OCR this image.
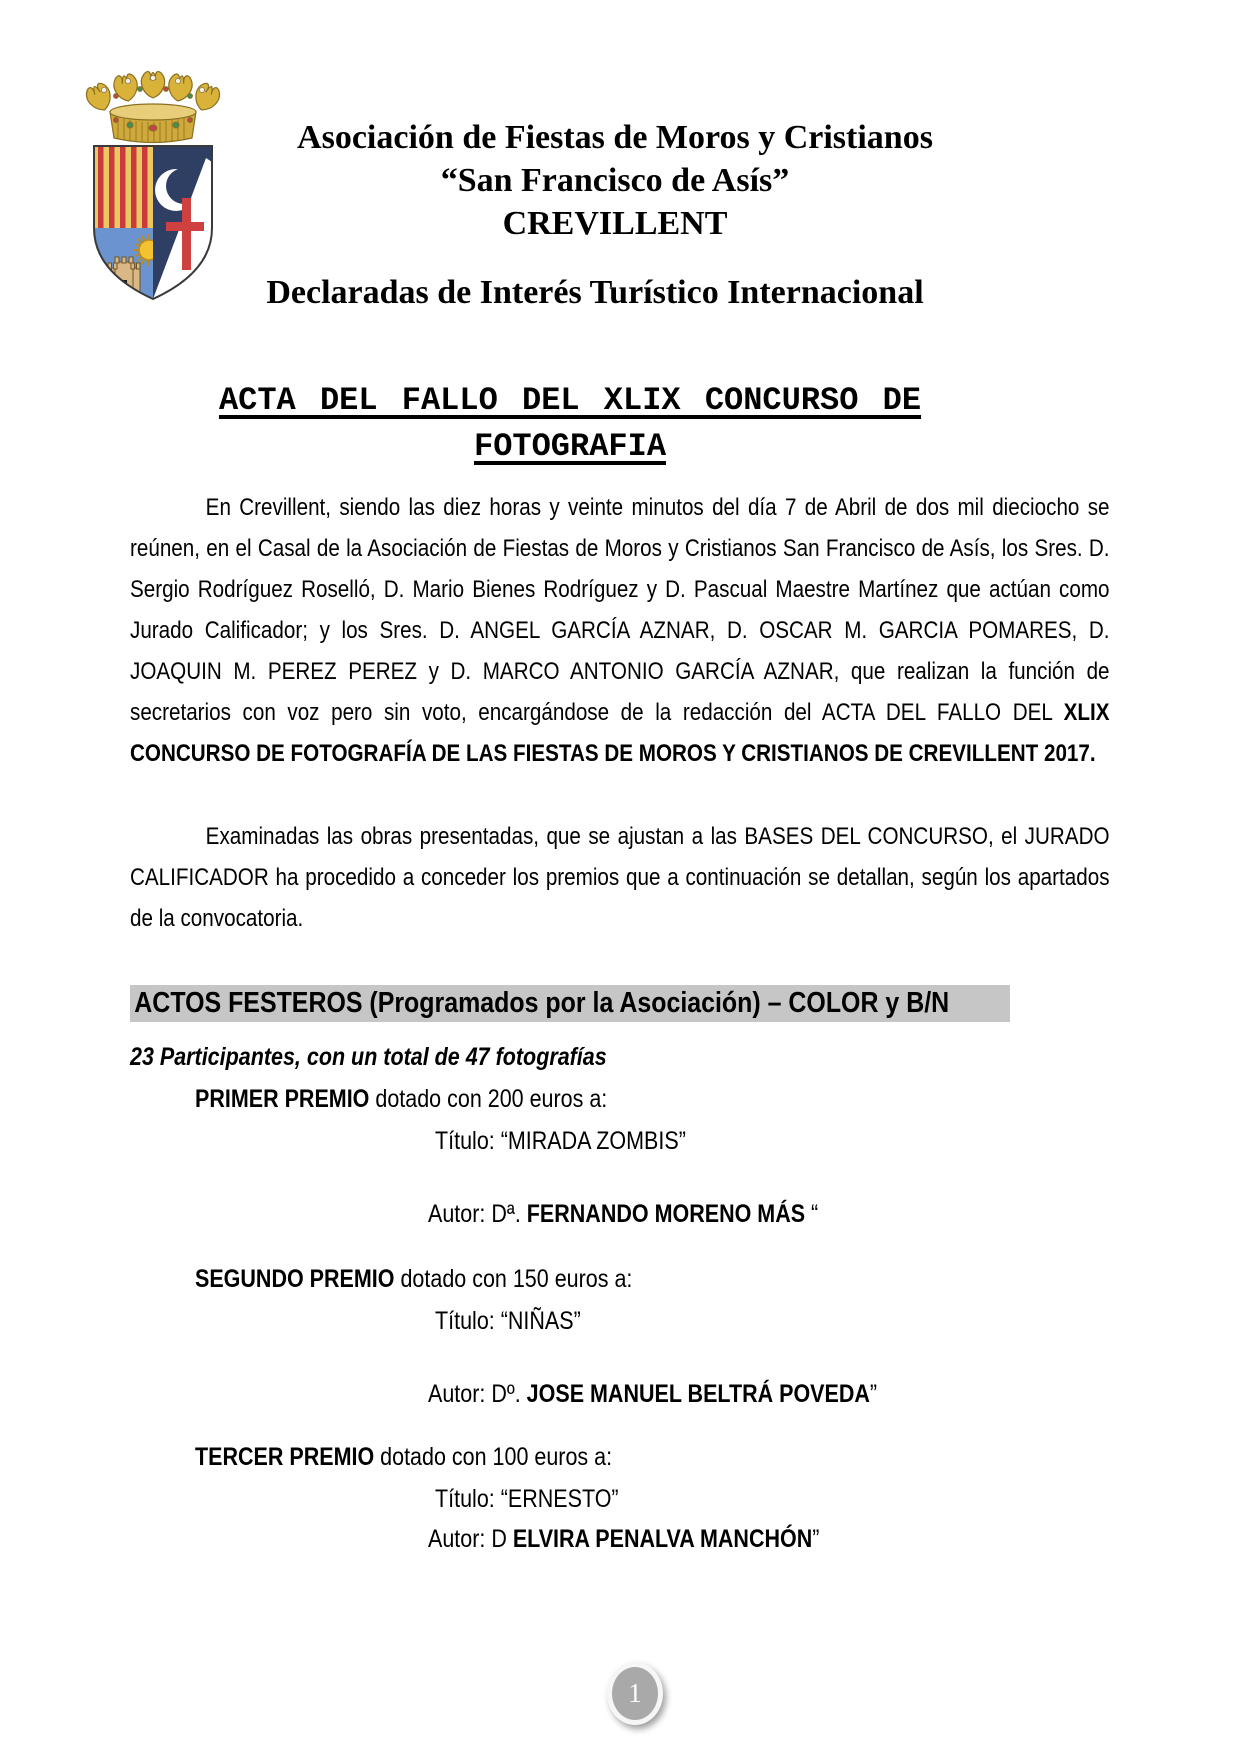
Asociación de Fiestas de Moros y Cristianos
“San Francisco de Asís”
CREVILLENT
Declaradas de Interés Turístico Internacional
ACTA DEL FALLO DEL XLIX CONCURSO DE
FOTOGRAFIA
En Crevillent, siendo las diez horas y veinte minutos del día 7 de Abril de dos mil dieciocho se reúnen, en el Casal de la Asociación de Fiestas de Moros y Cristianos San Francisco de Asís, los Sres. D. Sergio Rodríguez Roselló, D. Mario Bienes Rodríguez y D. Pascual Maestre Martínez que actúan como Jurado Calificador; y los Sres. D. ANGEL GARCÍA AZNAR, D. OSCAR M. GARCIA POMARES, D. JOAQUIN M. PEREZ PEREZ y D. MARCO ANTONIO GARCÍA AZNAR, que realizan la función de secretarios con voz pero sin voto, encargándose de la redacción del ACTA DEL FALLO DEL XLIX CONCURSO DE FOTOGRAFÍA DE LAS FIESTAS DE MOROS Y CRISTIANOS DE CREVILLENT 2017.
Examinadas las obras presentadas, que se ajustan a las BASES DEL CONCURSO, el JURADO CALIFICADOR ha procedido a conceder los premios que a continuación se detallan, según los apartados de la convocatoria.
ACTOS FESTEROS (Programados por la Asociación) – COLOR y B/N
23 Participantes, con un total de 47 fotografías
PRIMER PREMIO dotado con 200 euros a:
Título: “MIRADA ZOMBIS”
Autor: Dª. FERNANDO MORENO MÁS “
SEGUNDO PREMIO dotado con 150 euros a:
Título: “NIÑAS”
Autor: Dº. JOSE MANUEL BELTRÁ POVEDA”
TERCER PREMIO dotado con 100 euros a:
Título: “ERNESTO”
Autor: D ELVIRA PENALVA MANCHÓN”
1
